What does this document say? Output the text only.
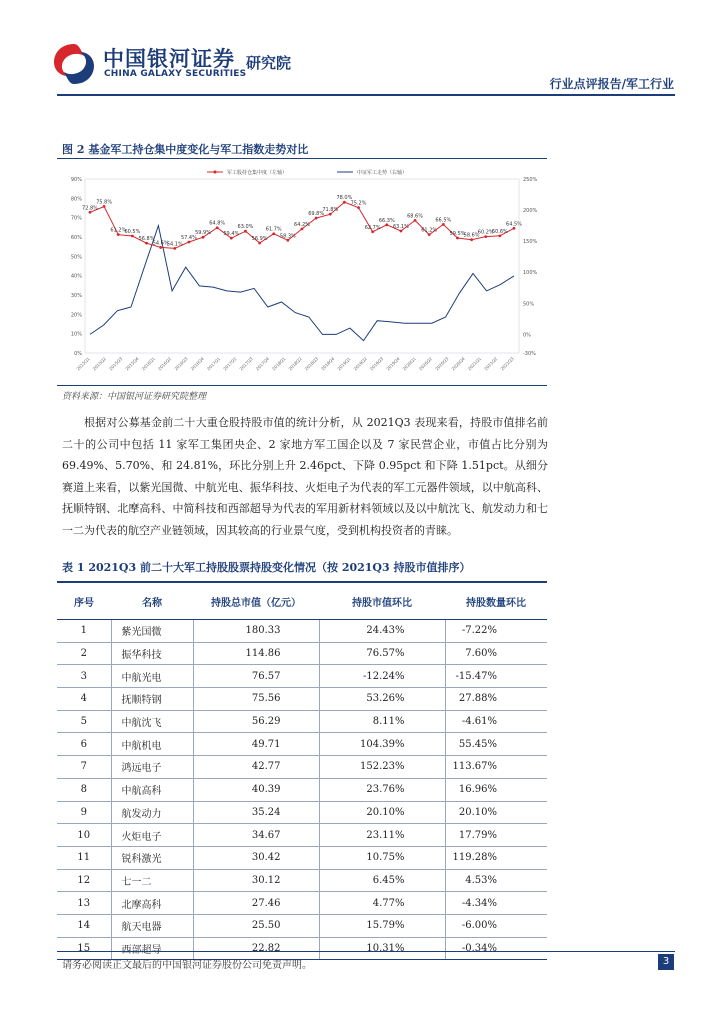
中国银河证券
CHINA GALAXY SECURITIES
研究院
行业点评报告/军工行业
图 2 基金军工持仓集中度变化与军工指数走势对比
0%
10%
20%
30%
40%
50%
60%
70%
80%
90%
-30%
0%
50%
100%
150%
200%
250%
军工股持仓集中度（左轴）	中证军工走势（右轴）
72.8%
75.8%
61.2%
60.5%
56.8%
54.6%
54.1%
57.4%
59.9%
64.8%
59.4%
63.0%
56.9%
61.7%
58.3%
64.2%
69.8%
71.8%
78.0%
75.2%
62.7%
66.3%
63.1%
68.6%
61.2%
66.5%
59.5%
58.6%
60.2%
60.6%
64.5%
2015Q1 2015Q2 2015Q3 2015Q4 2016Q1 2016Q2 2016Q3 2016Q4 2017Q1 2017Q2 2017Q3 2017Q4 2018Q1 2018Q2 2018Q3 2018Q4 2019Q1 2019Q2 2019Q3 2019Q4 2020Q1 2020Q2 2020Q3 2020Q4 2021Q1 2021Q2 2021Q3
资料来源：中国银河证券研究院整理
根据对公募基金前二十大重仓股持股市值的统计分析，从 2021Q3 表现来看，持股市值排名前二十的公司中包括 11 家军工集团央企、2 家地方军工国企以及 7 家民营企业，市值占比分别为 69.49%、5.70%、和 24.81%，环比分别上升 2.46pct、下降 0.95pct 和下降 1.51pct。从细分赛道上来看，以紫光国微、中航光电、振华科技、火炬电子为代表的军工元器件领域，以中航高科、抚顺特钢、北摩高科、中简科技和西部超导为代表的军用新材料领域以及以中航沈飞、航发动力和七一二为代表的航空产业链领域，因其较高的行业景气度，受到机构投资者的青睐。
表 1 2021Q3 前二十大军工持股股票持股变化情况（按 2021Q3 持股市值排序）
序号	名称	持股总市值（亿元）	持股市值环比	持股数量环比
1	紫光国微	180.33	24.43%	-7.22%
2	振华科技	114.86	76.57%	7.60%
3	中航光电	76.57	-12.24%	-15.47%
4	抚顺特钢	75.56	53.26%	27.88%
5	中航沈飞	56.29	8.11%	-4.61%
6	中航机电	49.71	104.39%	55.45%
7	鸿远电子	42.77	152.23%	113.67%
8	中航高科	40.39	23.76%	16.96%
9	航发动力	35.24	20.10%	20.10%
10	火炬电子	34.67	23.11%	17.79%
11	锐科激光	30.42	10.75%	119.28%
12	七一二	30.12	6.45%	4.53%
13	北摩高科	27.46	4.77%	-4.34%
14	航天电器	25.50	15.79%	-6.00%
15	西部超导	22.82	10.31%	-0.34%
请务必阅读正文最后的中国银河证券股份公司免责声明。	3
